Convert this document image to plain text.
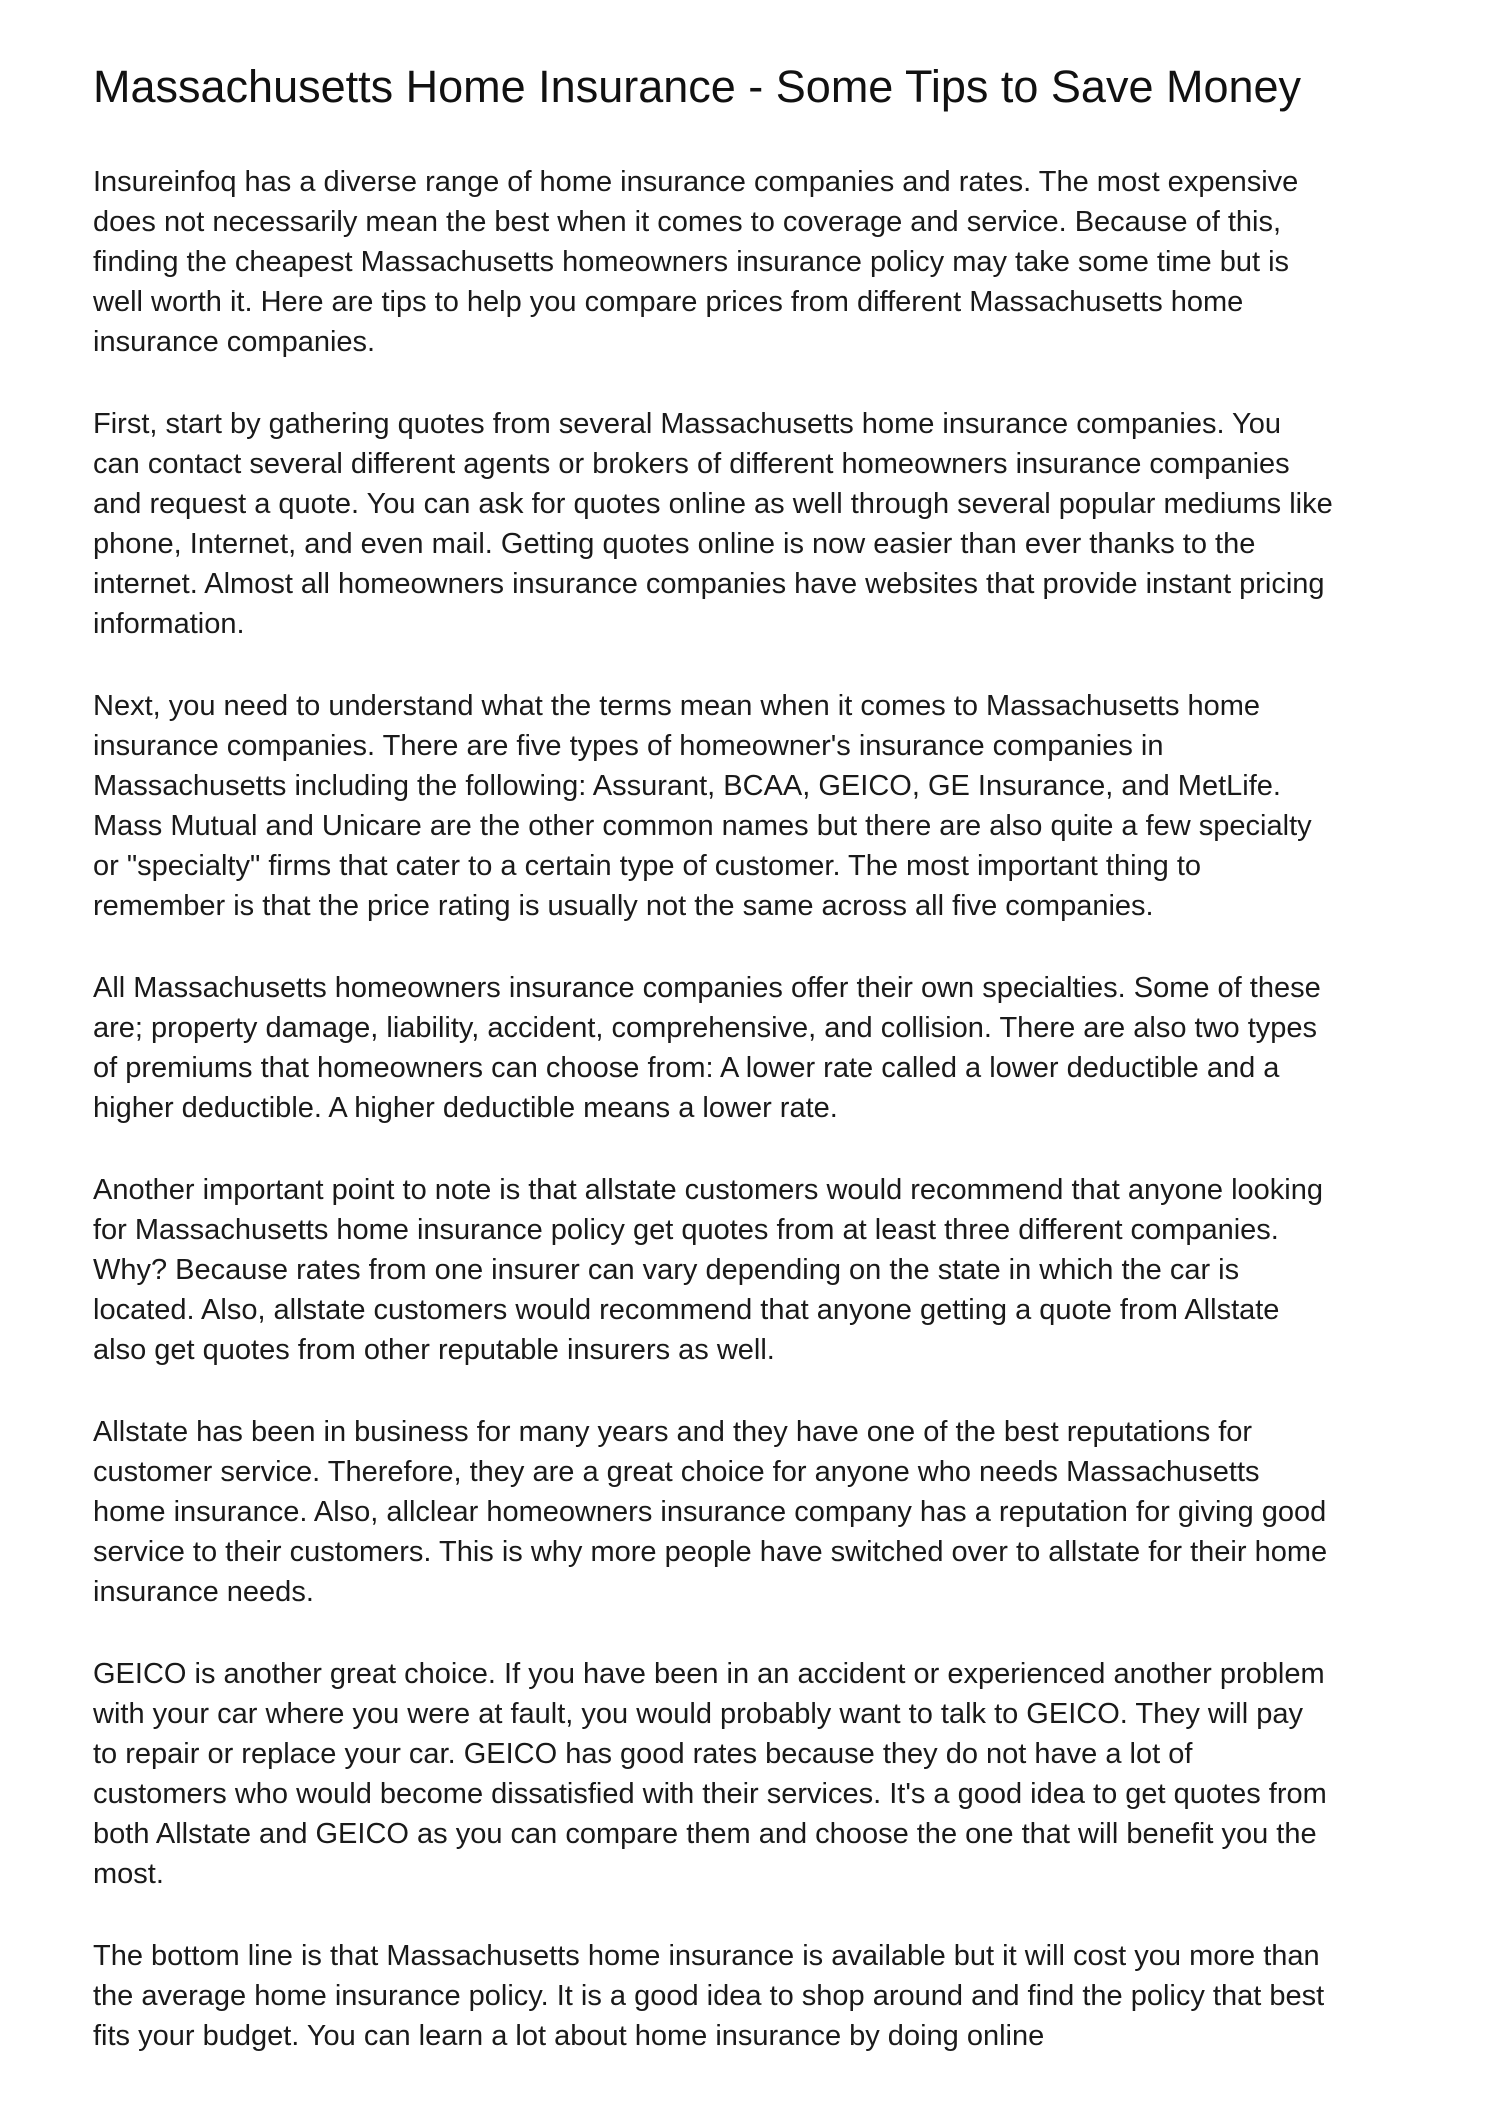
Massachusetts Home Insurance - Some Tips to Save Money

Insureinfoq has a diverse range of home insurance companies and rates. The most expensive does not necessarily mean the best when it comes to coverage and service. Because of this, finding the cheapest Massachusetts homeowners insurance policy may take some time but is well worth it. Here are tips to help you compare prices from different Massachusetts home insurance companies.

First, start by gathering quotes from several Massachusetts home insurance companies. You can contact several different agents or brokers of different homeowners insurance companies and request a quote. You can ask for quotes online as well through several popular mediums like phone, Internet, and even mail. Getting quotes online is now easier than ever thanks to the internet. Almost all homeowners insurance companies have websites that provide instant pricing information.

Next, you need to understand what the terms mean when it comes to Massachusetts home insurance companies. There are five types of homeowner's insurance companies in Massachusetts including the following: Assurant, BCAA, GEICO, GE Insurance, and MetLife. Mass Mutual and Unicare are the other common names but there are also quite a few specialty or "specialty" firms that cater to a certain type of customer. The most important thing to remember is that the price rating is usually not the same across all five companies.

All Massachusetts homeowners insurance companies offer their own specialties. Some of these are; property damage, liability, accident, comprehensive, and collision. There are also two types of premiums that homeowners can choose from: A lower rate called a lower deductible and a higher deductible. A higher deductible means a lower rate.

Another important point to note is that allstate customers would recommend that anyone looking for Massachusetts home insurance policy get quotes from at least three different companies. Why? Because rates from one insurer can vary depending on the state in which the car is located. Also, allstate customers would recommend that anyone getting a quote from Allstate also get quotes from other reputable insurers as well.

Allstate has been in business for many years and they have one of the best reputations for customer service. Therefore, they are a great choice for anyone who needs Massachusetts home insurance. Also, allclear homeowners insurance company has a reputation for giving good service to their customers. This is why more people have switched over to allstate for their home insurance needs.

GEICO is another great choice. If you have been in an accident or experienced another problem with your car where you were at fault, you would probably want to talk to GEICO. They will pay to repair or replace your car. GEICO has good rates because they do not have a lot of customers who would become dissatisfied with their services. It's a good idea to get quotes from both Allstate and GEICO as you can compare them and choose the one that will benefit you the most.

The bottom line is that Massachusetts home insurance is available but it will cost you more than the average home insurance policy. It is a good idea to shop around and find the policy that best fits your budget. You can learn a lot about home insurance by doing online
